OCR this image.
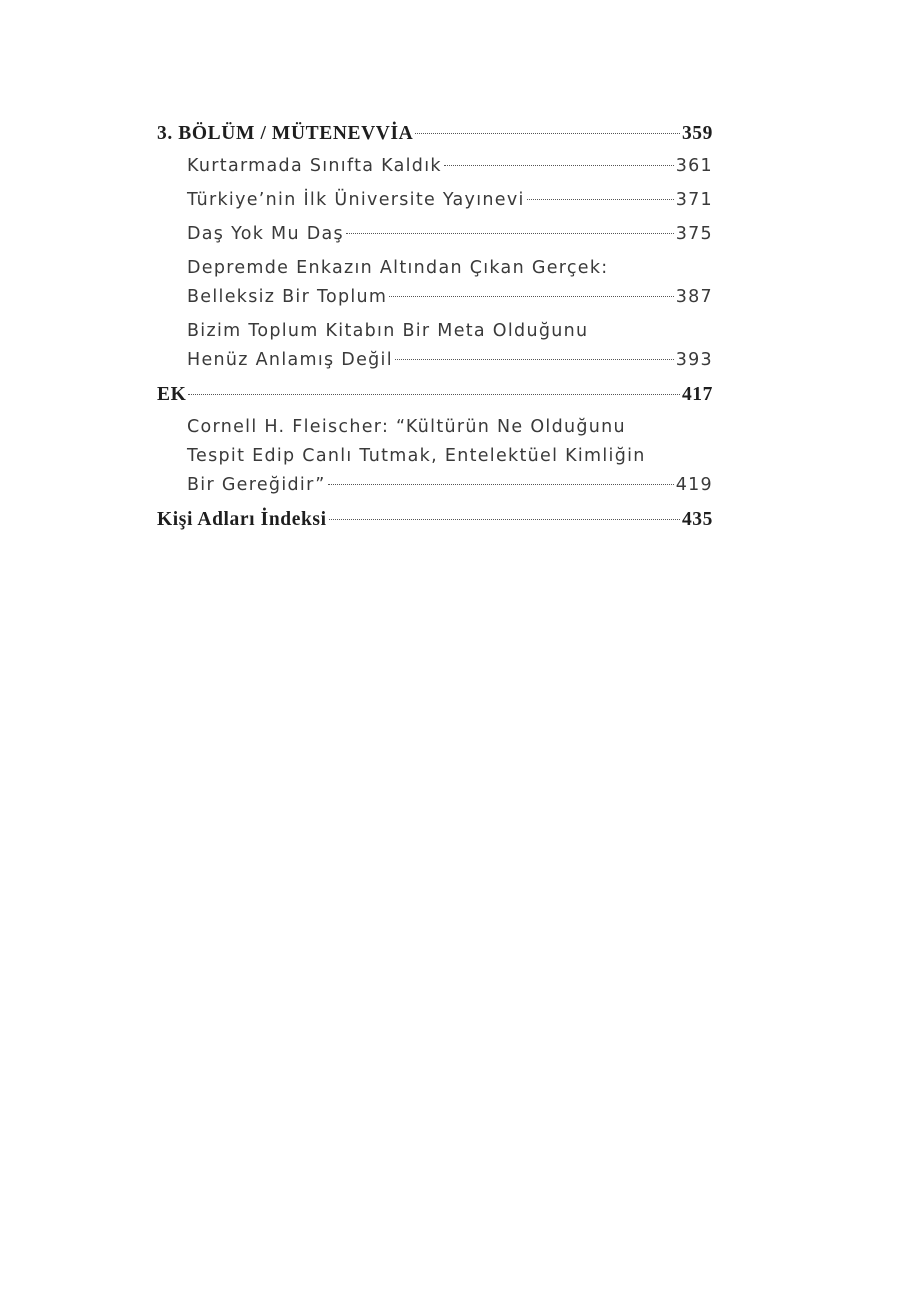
3. BÖLÜM / MÜTENEVVİA	359
Kurtarmada Sınıfta Kaldık	361
Türkiye’nin İlk Üniversite Yayınevi	371
Daş Yok Mu Daş	375
Depremde Enkazın Altından Çıkan Gerçek:
Belleksiz Bir Toplum	387
Bizim Toplum Kitabın Bir Meta Olduğunu
Henüz Anlamış Değil	393
EK	417
Cornell H. Fleischer: “Kültürün Ne Olduğunu
Tespit Edip Canlı Tutmak, Entelektüel Kimliğin
Bir Gereğidir”	419
Kişi Adları İndeksi	435
